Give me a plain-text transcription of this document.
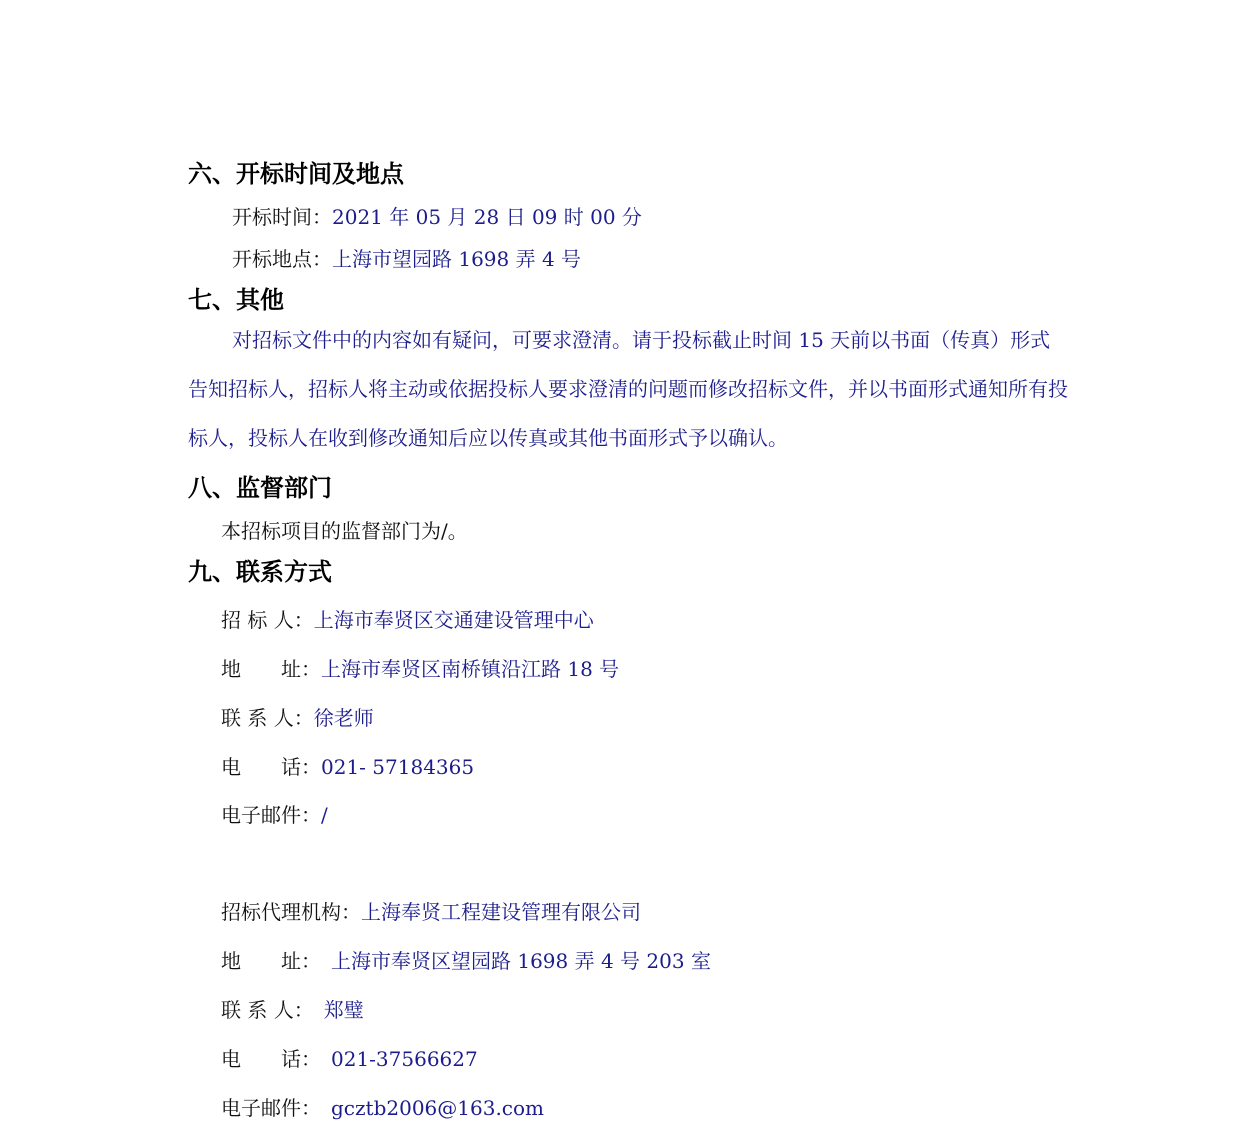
六、开标时间及地点
开标时间：2021 年 05 月 28 日 09 时 00 分
开标地点：上海市望园路 1698 弄 4 号
七、其他
对招标文件中的内容如有疑问，可要求澄清。请于投标截止时间 15 天前以书面（传真）形式告知招标人，招标人将主动或依据投标人要求澄清的问题而修改招标文件，并以书面形式通知所有投标人，投标人在收到修改通知后应以传真或其他书面形式予以确认。
八、监督部门
本招标项目的监督部门为/。
九、联系方式
招 标 人：上海市奉贤区交通建设管理中心
地　　址：上海市奉贤区南桥镇沿江路 18 号
联 系 人：徐老师
电　　话：021- 57184365
电子邮件：/
招标代理机构：上海奉贤工程建设管理有限公司
地　　址： 上海市奉贤区望园路 1698 弄 4 号 203 室
联 系 人： 郑璧
电　　话： 021-37566627
电子邮件： gcztb2006@163.com
